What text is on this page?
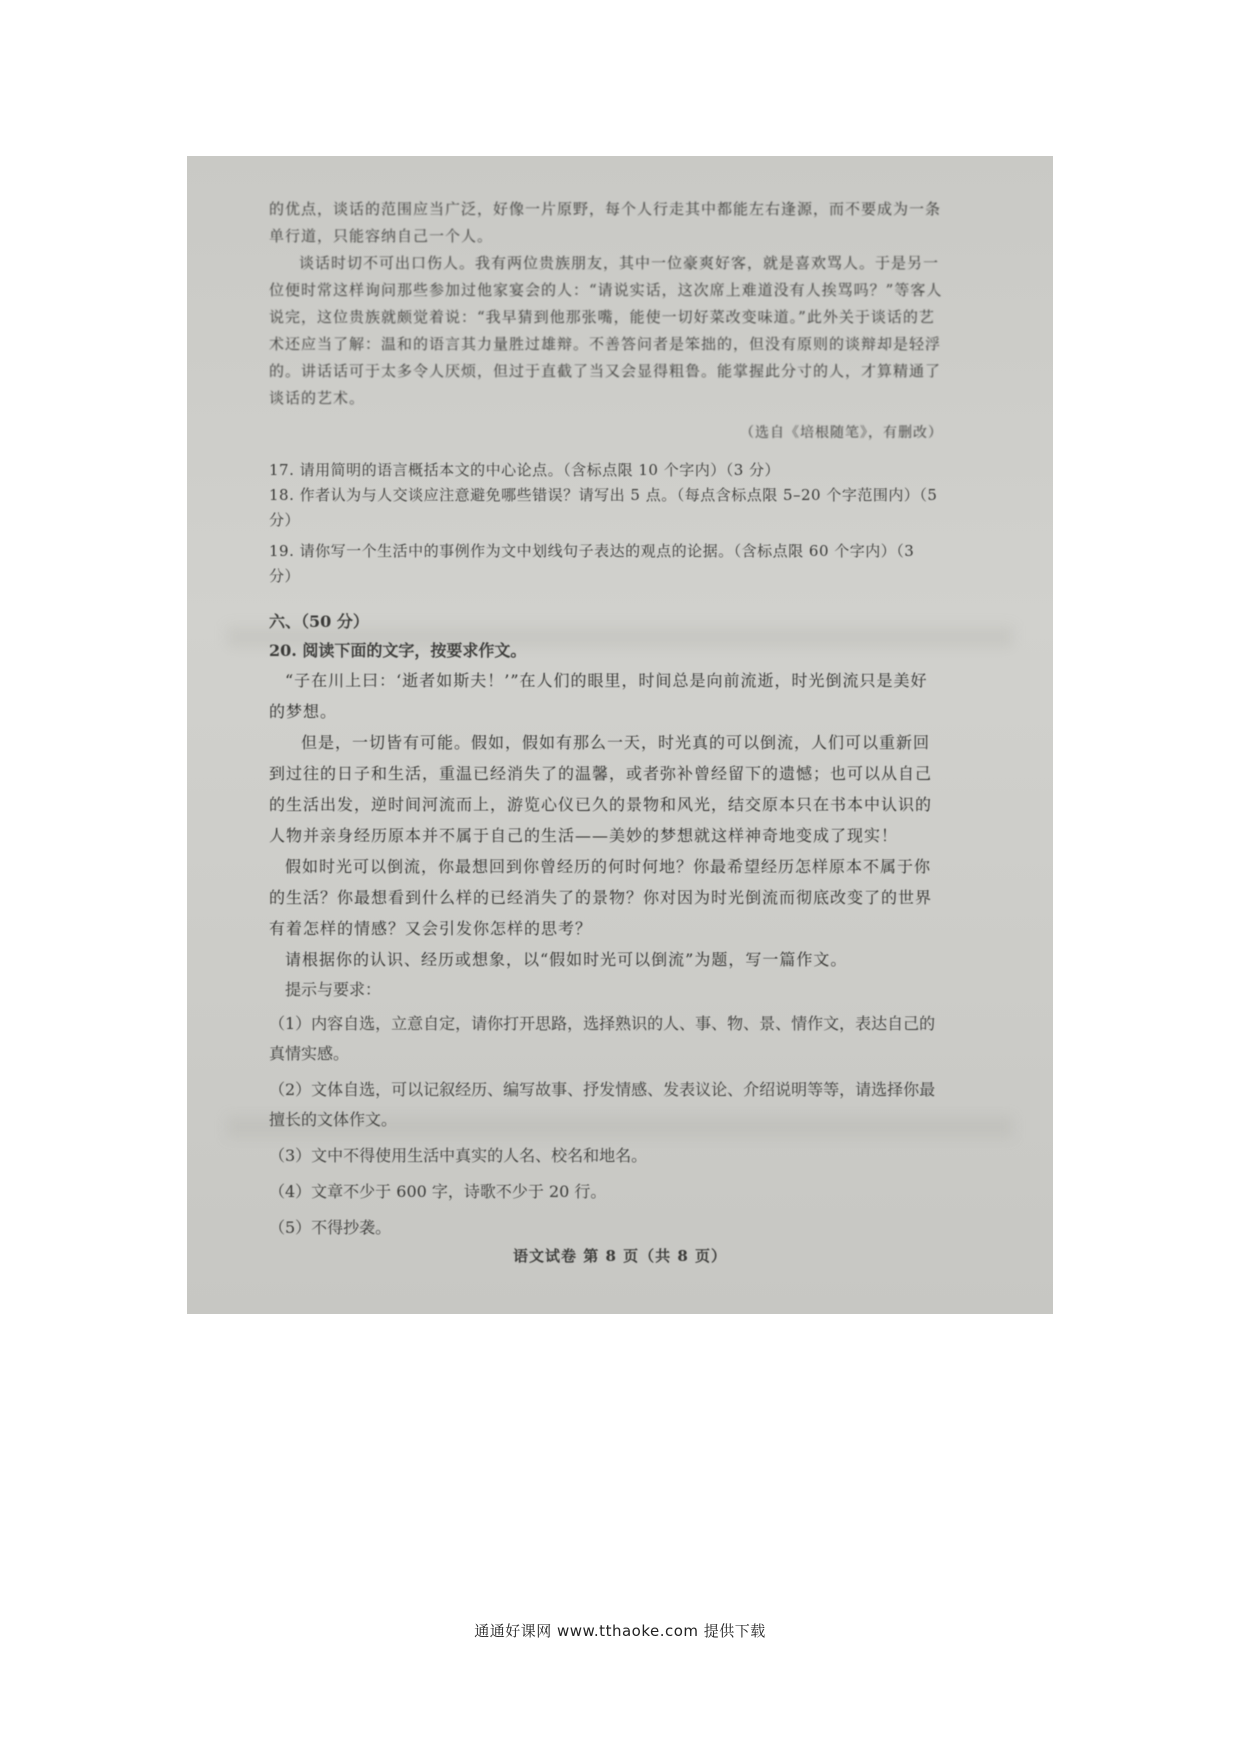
的优点，谈话的范围应当广泛，好像一片原野，每个人行走其中都能左右逢源，而不要成为一条单行道，只能容纳自己一个人。

谈话时切不可出口伤人。我有两位贵族朋友，其中一位豪爽好客，就是喜欢骂人。于是另一位便时常这样询问那些参加过他家宴会的人：“请说实话，这次席上难道没有人挨骂吗？”等客人说完，这位贵族就颇觉着说：“我早猜到他那张嘴，能使一切好菜改变味道。”此外关于谈话的艺术还应当了解：温和的语言其力量胜过雄辩。不善答问者是笨拙的，但没有原则的谈辩却是轻浮的。讲话话可于太多令人厌烦，但过于直截了当又会显得粗鲁。能掌握此分寸的人，才算精通了谈话的艺术。

（选自《培根随笔》，有删改）

17. 请用简明的语言概括本文的中心论点。（含标点限 10 个字内）（3 分）

18. 作者认为与人交谈应注意避免哪些错误？请写出 5 点。（每点含标点限 5–20 个字范围内）（5 分）

19. 请你写一个生活中的事例作为文中划线句子表达的观点的论据。（含标点限 60 个字内）（3 分）

六、（50 分）
20. 阅读下面的文字，按要求作文。

“子在川上曰：‘逝者如斯夫！’”在人们的眼里，时间总是向前流逝，时光倒流只是美好的梦想。

但是，一切皆有可能。假如，假如有那么一天，时光真的可以倒流，人们可以重新回到过往的日子和生活，重温已经消失了的温馨，或者弥补曾经留下的遗憾；也可以从自己的生活出发，逆时间河流而上，游览心仪已久的景物和风光，结交原本只在书本中认识的人物并亲身经历原本并不属于自己的生活——美妙的梦想就这样神奇地变成了现实！

假如时光可以倒流，你最想回到你曾经历的何时何地？你最希望经历怎样原本不属于你的生活？你最想看到什么样的已经消失了的景物？你对因为时光倒流而彻底改变了的世界有着怎样的情感？又会引发你怎样的思考？

请根据你的认识、经历或想象，以“假如时光可以倒流”为题，写一篇作文。

提示与要求：
（1）内容自选，立意自定，请你打开思路，选择熟识的人、事、物、景、情作文，表达自己的真情实感。
（2）文体自选，可以记叙经历、编写故事、抒发情感、发表议论、介绍说明等等，请选择你最擅长的文体作文。
（3）文中不得使用生活中真实的人名、校名和地名。
（4）文章不少于 600 字，诗歌不少于 20 行。
（5）不得抄袭。
语文试卷 第 8 页（共 8 页）
通通好课网 www.tthaoke.com 提供下载
